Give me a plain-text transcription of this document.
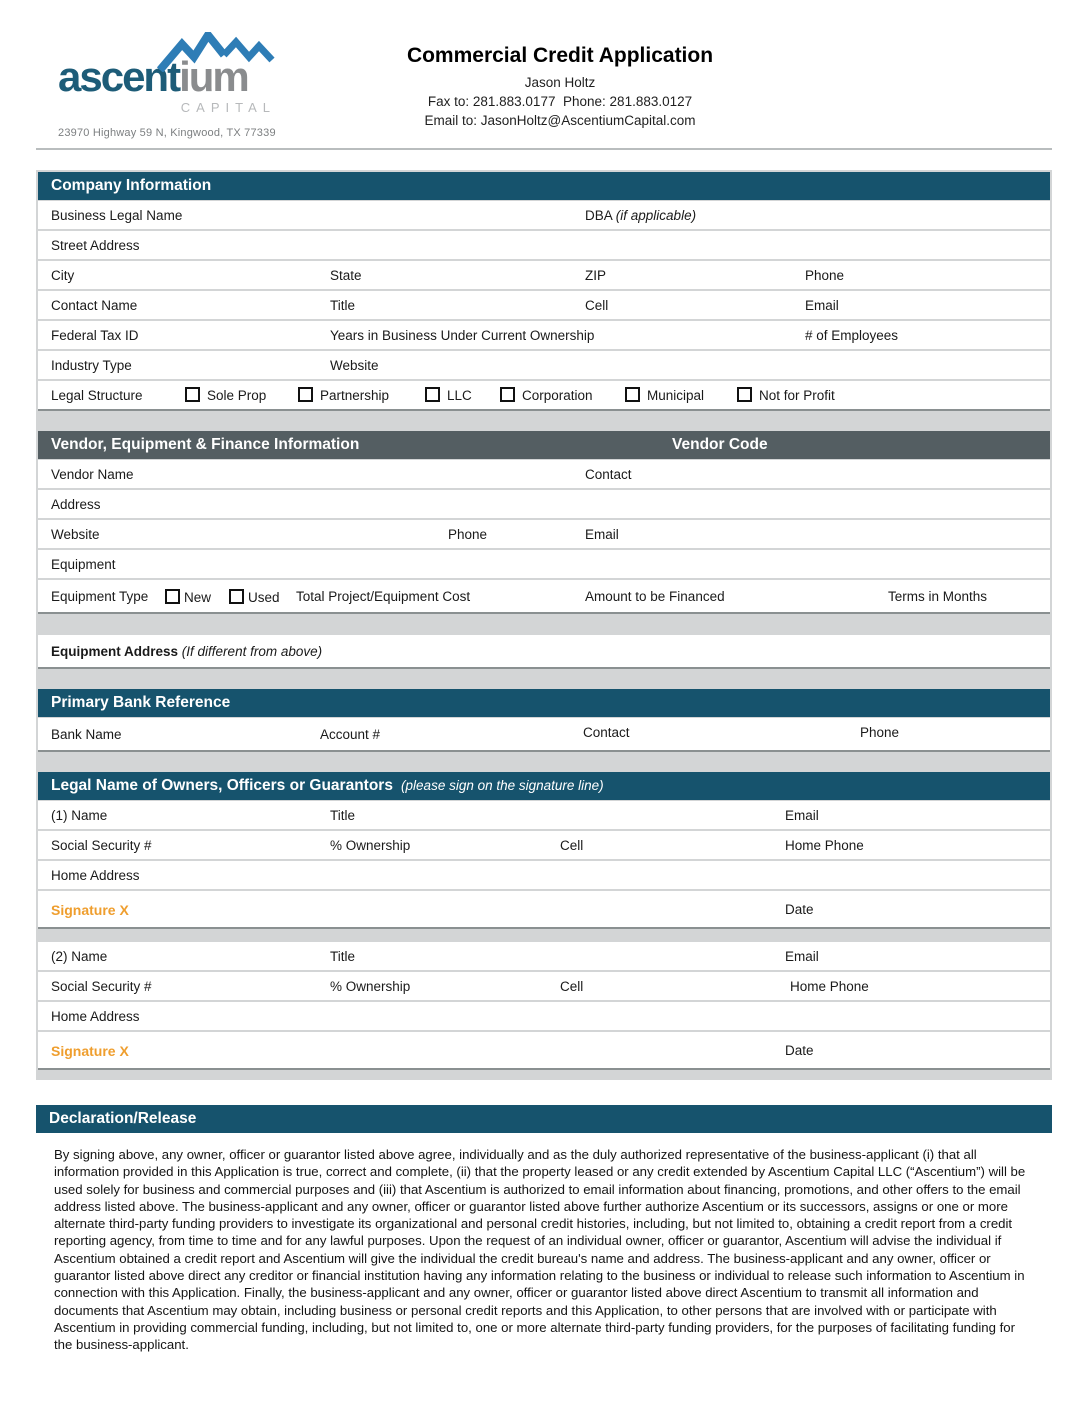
ascentium
CAPITAL
23970 Highway 59 N, Kingwood, TX 77339
Commercial Credit Application
Jason Holtz
Fax to: 281.883.0177 Phone: 281.883.0127
Email to: JasonHoltz@AscentiumCapital.com
Company Information
Business Legal Name	DBA (if applicable)
Street Address
City	State	ZIP	Phone
Contact Name	Title	Cell	Email
Federal Tax ID	Years in Business Under Current Ownership	# of Employees
Industry Type	Website
Legal Structure	Sole Prop	Partnership	LLC	Corporation	Municipal	Not for Profit
Vendor, Equipment & Finance Information	Vendor Code
Vendor Name	Contact
Address
Website	Phone	Email
Equipment
Equipment Type	New	Used Total Project/Equipment Cost	Amount to be Financed	Terms in Months
Equipment Address (If different from above)
Primary Bank Reference
Bank Name	Account #	Contact	Phone
Legal Name of Owners, Officers or Guarantors (please sign on the signature line)
(1) Name	Title	Email
Social Security #	% Ownership	Cell	Home Phone
Home Address
Signature X	Date
(2) Name	Title	Email
Social Security #	% Ownership	Cell	Home Phone
Home Address
Signature X	Date
Declaration/Release
By signing above, any owner, officer or guarantor listed above agree, individually and as the duly authorized representative of the business-applicant (i) that all information provided in this Application is true, correct and complete, (ii) that the property leased or any credit extended by Ascentium Capital LLC (“Ascentium”) will be used solely for business and commercial purposes and (iii) that Ascentium is authorized to email information about financing, promotions, and other offers to the email address listed above. The business-applicant and any owner, officer or guarantor listed above further authorize Ascentium or its successors, assigns or one or more alternate third-party funding providers to investigate its organizational and personal credit histories, including, but not limited to, obtaining a credit report from a credit reporting agency, from time to time and for any lawful purposes. Upon the request of an individual owner, officer or guarantor, Ascentium will advise the individual if Ascentium obtained a credit report and Ascentium will give the individual the credit bureau's name and address. The business-applicant and any owner, officer or guarantor listed above direct any creditor or financial institution having any information relating to the business or individual to release such information to Ascentium in connection with this Application. Finally, the business-applicant and any owner, officer or guarantor listed above direct Ascentium to transmit all information and documents that Ascentium may obtain, including business or personal credit reports and this Application, to other persons that are involved with or participate with Ascentium in providing commercial funding, including, but not limited to, one or more alternate third-party funding providers, for the purposes of facilitating funding for the business-applicant.
